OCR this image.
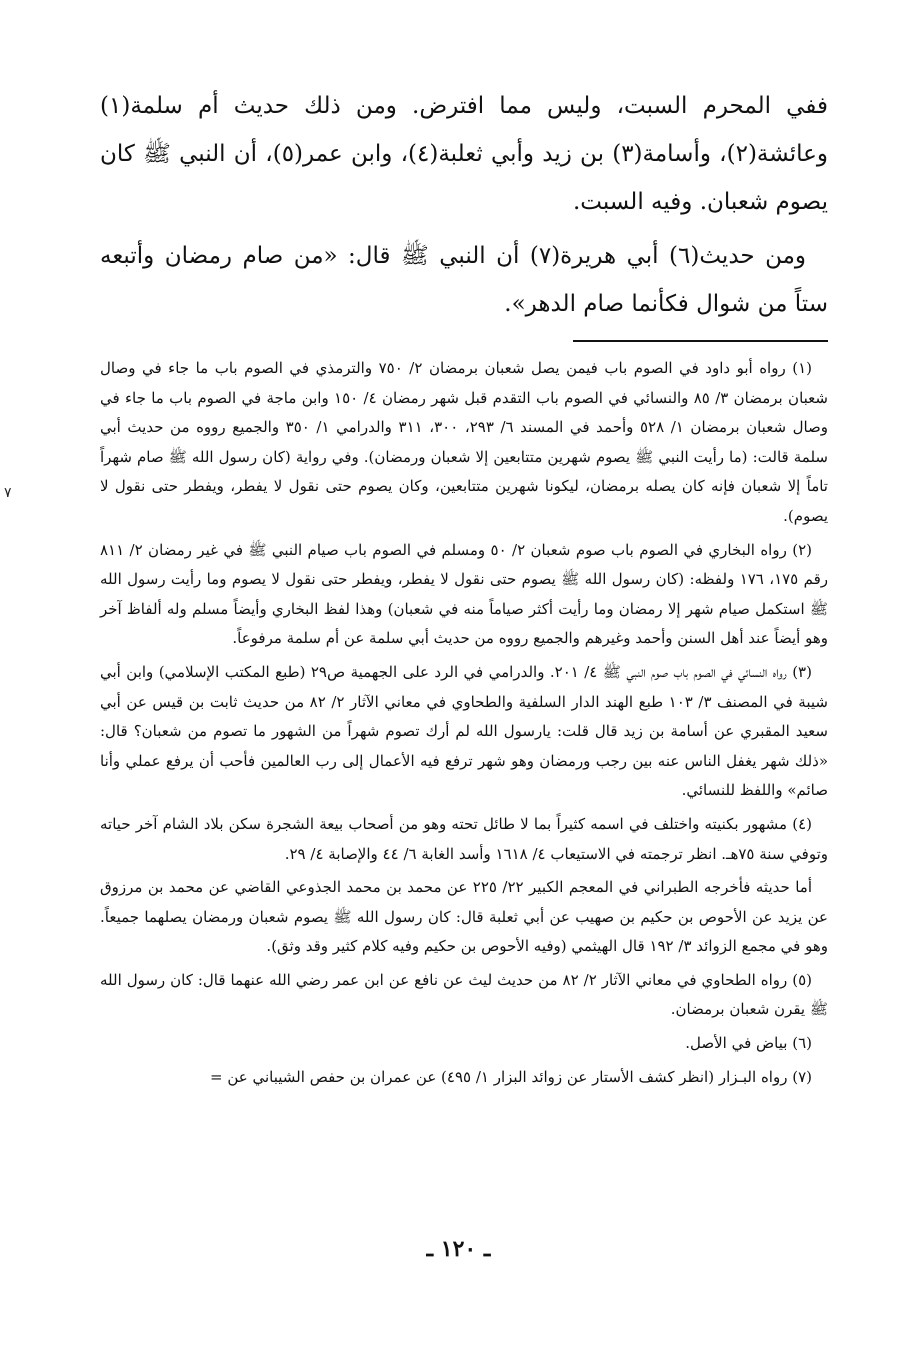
ففي المحرم السبت، وليس مما افترض. ومن ذلك حديث أم سلمة(١) وعائشة(٢)، وأسامة(٣) بن زيد وأبي ثعلبة(٤)، وابن عمر(٥)، أن النبي ﷺ كان يصوم شعبان. وفيه السبت.

ومن حديث(٦) أبي هريرة(٧) أن النبي ﷺ قال: «من صام رمضان وأتبعه ستاً من شوال فكأنما صام الدهر».

(١) رواه أبو داود في الصوم باب فيمن يصل شعبان برمضان ٢/ ٧٥٠ والترمذي في الصوم باب ما جاء في وصال شعبان برمضان ٣/ ٨٥ والنسائي في الصوم باب التقدم قبل شهر رمضان ٤/ ١٥٠ وابن ماجة في الصوم باب ما جاء في وصال شعبان برمضان ١/ ٥٢٨ وأحمد في المسند ٦/ ٢٩٣، ٣٠٠، ٣١١ والدرامي ١/ ٣٥٠ والجميع رووه من حديث أبي سلمة قالت: (ما رأيت النبي ﷺ يصوم شهرين متتابعين إلا شعبان ورمضان). وفي رواية (كان رسول الله ﷺ صام شهراً تاماً إلا شعبان فإنه كان يصله برمضان، ليكونا شهرين متتابعين، وكان يصوم حتى نقول لا يفطر، ويفطر حتى نقول لا يصوم).

(٢) رواه البخاري في الصوم باب صوم شعبان ٢/ ٥٠ ومسلم في الصوم باب صيام النبي ﷺ في غير رمضان ٢/ ٨١١ رقم ١٧٥، ١٧٦ ولفظه: (كان رسول الله ﷺ يصوم حتى نقول لا يفطر، ويفطر حتى نقول لا يصوم وما رأيت رسول الله ﷺ استكمل صيام شهر إلا رمضان وما رأيت أكثر صياماً منه في شعبان) وهذا لفظ البخاري وأيضاً مسلم وله ألفاظ آخر وهو أيضاً عند أهل السنن وأحمد وغيرهم والجميع رووه من حديث أبي سلمة عن أم سلمة مرفوعاً.

(٣) رواه النسائي في الصوم باب صوم النبي ﷺ ٤/ ٢٠١. والدرامي في الرد على الجهمية ص٢٩ (طبع المكتب الإسلامي) وابن أبي شيبة في المصنف ٣/ ١٠٣ طبع الهند الدار السلفية والطحاوي في معاني الآثار ٢/ ٨٢ من حديث ثابت بن قيس عن أبي سعيد المقبري عن أسامة بن زيد قال قلت: يارسول الله لم أرك تصوم شهراً من الشهور ما تصوم من شعبان؟ قال: «ذلك شهر يغفل الناس عنه بين رجب ورمضان وهو شهر ترفع فيه الأعمال إلى رب العالمين فأحب أن يرفع عملي وأنا صائم» واللفظ للنسائي.

(٤) مشهور بكنيته واختلف في اسمه كثيراً بما لا طائل تحته وهو من أصحاب بيعة الشجرة سكن بلاد الشام آخر حياته وتوفي سنة ٧٥هـ. انظر ترجمته في الاستيعاب ٤/ ١٦١٨ وأسد الغابة ٦/ ٤٤ والإصابة ٤/ ٢٩.

أما حديثه فأخرجه الطبراني في المعجم الكبير ٢٢/ ٢٢٥ عن محمد بن محمد الجذوعي القاضي عن محمد بن مرزوق عن يزيد عن الأحوص بن حكيم بن صهيب عن أبي ثعلبة قال: كان رسول الله ﷺ يصوم شعبان ورمضان يصلهما جميعاً. وهو في مجمع الزوائد ٣/ ١٩٢ قال الهيثمي (وفيه الأحوص بن حكيم وفيه كلام كثير وقد وثق).

(٥) رواه الطحاوي في معاني الآثار ٢/ ٨٢ من حديث ليث عن نافع عن ابن عمر رضي الله عنهما قال: كان رسول الله ﷺ يقرن شعبان برمضان.

(٦) بياض في الأصل.

(٧) رواه البـزار (انظر كشف الأستار عن زوائد البزار ١/ ٤٩٥) عن عمران بن حفص الشيباني عن =

٧
ـ ١٢٠ ـ
